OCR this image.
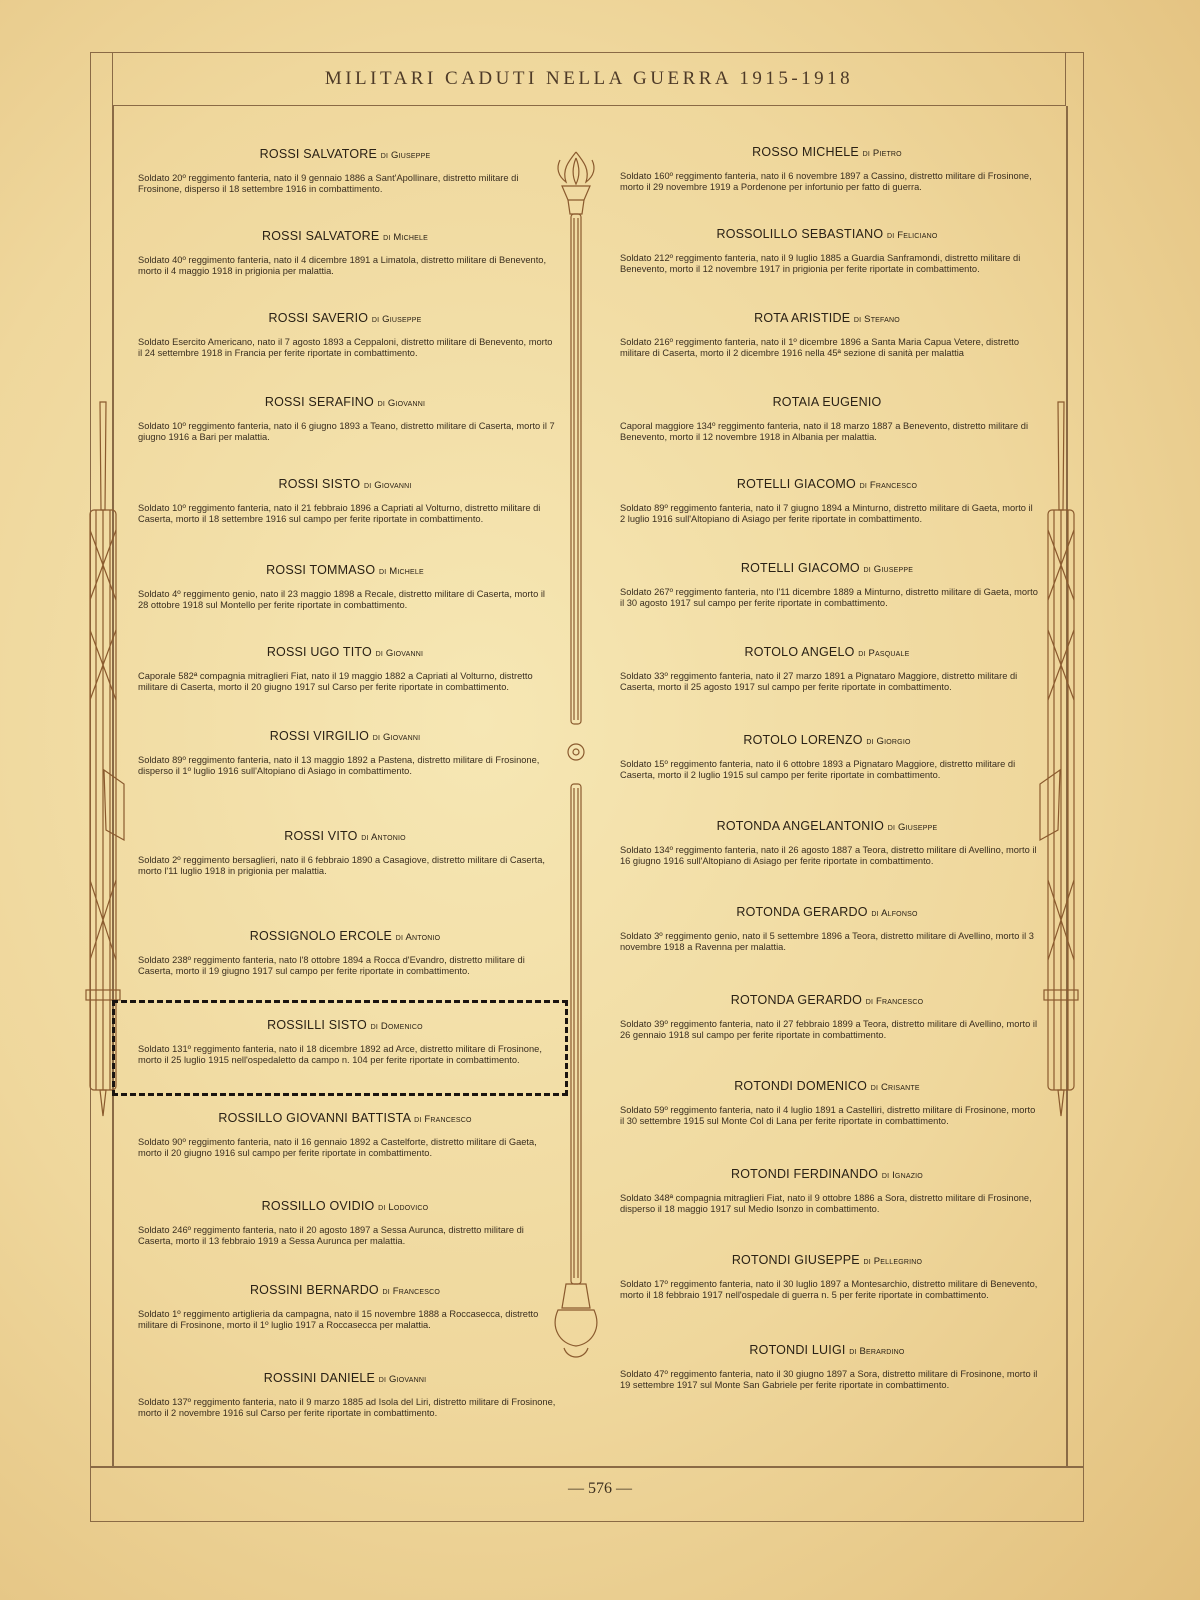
MILITARI CADUTI NELLA GUERRA 1915-1918
— 576 —
ROSSI SALVATORE di Giuseppe
Soldato 20º reggimento fanteria, nato il 9 gennaio 1886 a Sant'Apollinare, distretto militare di Frosinone, disperso il 18 settembre 1916 in combattimento.
ROSSI SALVATORE di Michele
Soldato 40º reggimento fanteria, nato il 4 dicembre 1891 a Limatola, distretto militare di Benevento, morto il 4 maggio 1918 in prigionia per malattia.
ROSSI SAVERIO di Giuseppe
Soldato Esercito Americano, nato il 7 agosto 1893 a Ceppaloni, distretto militare di Benevento, morto il 24 settembre 1918 in Francia per ferite riportate in combattimento.
ROSSI SERAFINO di Giovanni
Soldato 10º reggimento fanteria, nato il 6 giugno 1893 a Teano, distretto militare di Caserta, morto il 7 giugno 1916 a Bari per malattia.
ROSSI SISTO di Giovanni
Soldato 10º reggimento fanteria, nato il 21 febbraio 1896 a Capriati al Volturno, distretto militare di Caserta, morto il 18 settembre 1916 sul campo per ferite riportate in combattimento.
ROSSI TOMMASO di Michele
Soldato 4º reggimento genio, nato il 23 maggio 1898 a Recale, distretto militare di Caserta, morto il 28 ottobre 1918 sul Montello per ferite riportate in combattimento.
ROSSI UGO TITO di Giovanni
Caporale 582ª compagnia mitraglieri Fiat, nato il 19 maggio 1882 a Capriati al Volturno, distretto militare di Caserta, morto il 20 giugno 1917 sul Carso per ferite riportate in combattimento.
ROSSI VIRGILIO di Giovanni
Soldato 89º reggimento fanteria, nato il 13 maggio 1892 a Pastena, distretto militare di Frosinone, disperso il 1º luglio 1916 sull'Altopiano di Asiago in combattimento.
ROSSI VITO di Antonio
Soldato 2º reggimento bersaglieri, nato il 6 febbraio 1890 a Casagiove, distretto militare di Caserta, morto l'11 luglio 1918 in prigionia per malattia.
ROSSIGNOLO ERCOLE di Antonio
Soldato 238º reggimento fanteria, nato l'8 ottobre 1894 a Rocca d'Evandro, distretto militare di Caserta, morto il 19 giugno 1917 sul campo per ferite riportate in combattimento.
ROSSILLI SISTO di Domenico
Soldato 131º reggimento fanteria, nato il 18 dicembre 1892 ad Arce, distretto militare di Frosinone, morto il 25 luglio 1915 nell'ospedaletto da campo n. 104 per ferite riportate in combattimento.
ROSSILLO GIOVANNI BATTISTA di Francesco
Soldato 90º reggimento fanteria, nato il 16 gennaio 1892 a Castelforte, distretto militare di Gaeta, morto il 20 giugno 1916 sul campo per ferite riportate in combattimento.
ROSSILLO OVIDIO di Lodovico
Soldato 246º reggimento fanteria, nato il 20 agosto 1897 a Sessa Aurunca, distretto militare di Caserta, morto il 13 febbraio 1919 a Sessa Aurunca per malattia.
ROSSINI BERNARDO di Francesco
Soldato 1º reggimento artiglieria da campagna, nato il 15 novembre 1888 a Roccasecca, distretto militare di Frosinone, morto il 1º luglio 1917 a Roccasecca per malattia.
ROSSINI DANIELE di Giovanni
Soldato 137º reggimento fanteria, nato il 9 marzo 1885 ad Isola del Liri, distretto militare di Frosinone, morto il 2 novembre 1916 sul Carso per ferite riportate in combattimento.
ROSSO MICHELE di Pietro
Soldato 160º reggimento fanteria, nato il 6 novembre 1897 a Cassino, distretto militare di Frosinone, morto il 29 novembre 1919 a Pordenone per infortunio per fatto di guerra.
ROSSOLILLO SEBASTIANO di Feliciano
Soldato 212º reggimento fanteria, nato il 9 luglio 1885 a Guardia Sanframondi, distretto militare di Benevento, morto il 12 novembre 1917 in prigionia per ferite riportate in combattimento.
ROTA ARISTIDE di Stefano
Soldato 216º reggimento fanteria, nato il 1º dicembre 1896 a Santa Maria Capua Vetere, distretto militare di Caserta, morto il 2 dicembre 1916 nella 45ª sezione di sanità per malattia
ROTAIA EUGENIO
Caporal maggiore 134º reggimento fanteria, nato il 18 marzo 1887 a Benevento, distretto militare di Benevento, morto il 12 novembre 1918 in Albania per malattia.
ROTELLI GIACOMO di Francesco
Soldato 89º reggimento fanteria, nato il 7 giugno 1894 a Minturno, distretto militare di Gaeta, morto il 2 luglio 1916 sull'Altopiano di Asiago per ferite riportate in combattimento.
ROTELLI GIACOMO di Giuseppe
Soldato 267º reggimento fanteria, nto l'11 dicembre 1889 a Minturno, distretto militare di Gaeta, morto il 30 agosto 1917 sul campo per ferite riportate in combattimento.
ROTOLO ANGELO di Pasquale
Soldato 33º reggimento fanteria, nato il 27 marzo 1891 a Pignataro Maggiore, distretto militare di Caserta, morto il 25 agosto 1917 sul campo per ferite riportate in combattimento.
ROTOLO LORENZO di Giorgio
Soldato 15º reggimento fanteria, nato il 6 ottobre 1893 a Pignataro Maggiore, distretto militare di Caserta, morto il 2 luglio 1915 sul campo per ferite riportate in combattimento.
ROTONDA ANGELANTONIO di Giuseppe
Soldato 134º reggimento fanteria, nato il 26 agosto 1887 a Teora, distretto militare di Avellino, morto il 16 giugno 1916 sull'Altopiano di Asiago per ferite riportate in combattimento.
ROTONDA GERARDO di Alfonso
Soldato 3º reggimento genio, nato il 5 settembre 1896 a Teora, distretto militare di Avellino, morto il 3 novembre 1918 a Ravenna per malattia.
ROTONDA GERARDO di Francesco
Soldato 39º reggimento fanteria, nato il 27 febbraio 1899 a Teora, distretto militare di Avellino, morto il 26 gennaio 1918 sul campo per ferite riportate in combattimento.
ROTONDI DOMENICO di Crisante
Soldato 59º reggimento fanteria, nato il 4 luglio 1891 a Castelliri, distretto militare di Frosinone, morto il 30 settembre 1915 sul Monte Col di Lana per ferite riportate in combattimento.
ROTONDI FERDINANDO di Ignazio
Soldato 348ª compagnia mitraglieri Fiat, nato il 9 ottobre 1886 a Sora, distretto militare di Frosinone, disperso il 18 maggio 1917 sul Medio Isonzo in combattimento.
ROTONDI GIUSEPPE di Pellegrino
Soldato 17º reggimento fanteria, nato il 30 luglio 1897 a Montesarchio, distretto militare di Benevento, morto il 18 febbraio 1917 nell'ospedale di guerra n. 5 per ferite riportate in combattimento.
ROTONDI LUIGI di Berardino
Soldato 47º reggimento fanteria, nato il 30 giugno 1897 a Sora, distretto militare di Frosinone, morto il 19 settembre 1917 sul Monte San Gabriele per ferite riportate in combattimento.
